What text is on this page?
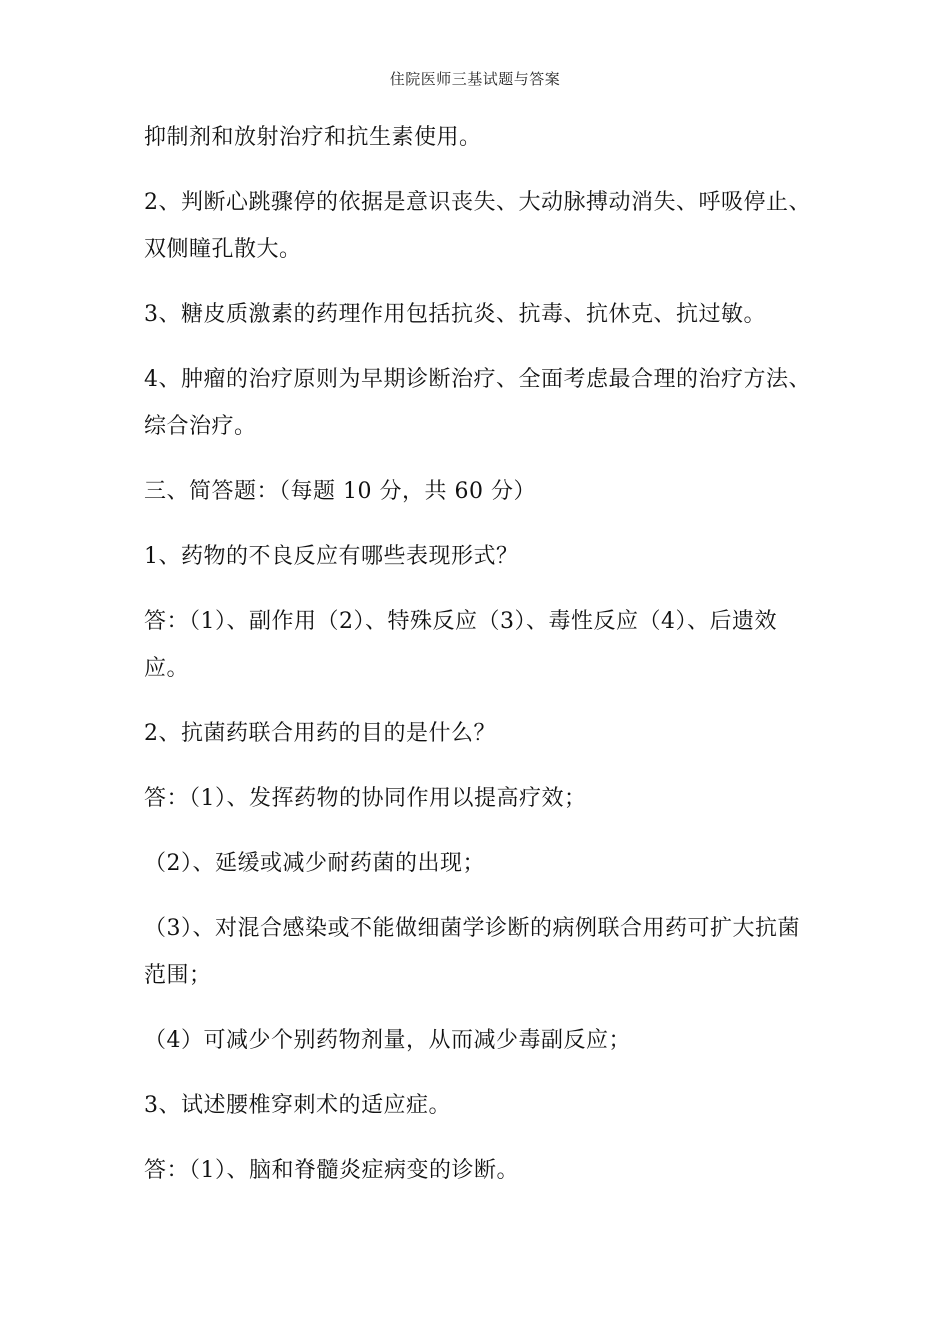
住院医师三基试题与答案

抑制剂和放射治疗和抗生素使用。

2、判断心跳骤停的依据是意识丧失、大动脉搏动消失、呼吸停止、双侧瞳孔散大。

3、糖皮质激素的药理作用包括抗炎、抗毒、抗休克、抗过敏。

4、肿瘤的治疗原则为早期诊断治疗、全面考虑最合理的治疗方法、综合治疗。

三、简答题：（每题 10 分，共 60 分）

1、药物的不良反应有哪些表现形式？

答：（1）、副作用（2）、特殊反应（3）、毒性反应（4）、后遗效应。

2、抗菌药联合用药的目的是什么？

答：（1）、发挥药物的协同作用以提高疗效；

（2）、延缓或减少耐药菌的出现；

（3）、对混合感染或不能做细菌学诊断的病例联合用药可扩大抗菌范围；

（4）可减少个别药物剂量，从而减少毒副反应；

3、试述腰椎穿刺术的适应症。

答：（1）、脑和脊髓炎症病变的诊断。
